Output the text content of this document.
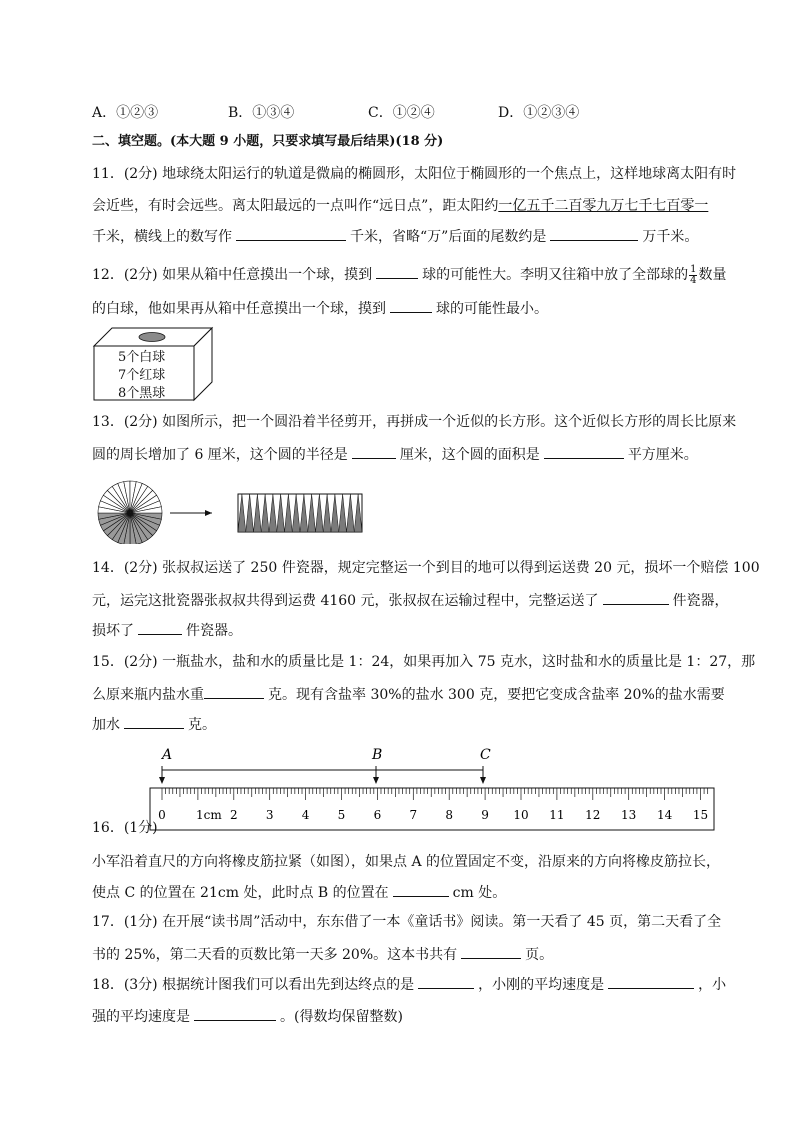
A．①②③	B．①③④	C．①②④	D．①②③④
二、填空题。(本大题 9 小题，只要求填写最后结果)(18 分)
11．(2分) 地球绕太阳运行的轨道是微扁的椭圆形，太阳位于椭圆形的一个焦点上，这样地球离太阳有时
会近些，有时会远些。离太阳最远的一点叫作“远日点”，距太阳约一亿五千二百零九万七千七百零一
千米，横线上的数写作	千米，省略“万”后面的尾数约是	万千米。
12．(2分) 如果从箱中任意摸出一个球，摸到	球的可能性大。李明又往箱中放了全部球的 $\frac{1}{4}$ 数量
的白球，他如果再从箱中任意摸出一个球，摸到	球的可能性最小。
5个白球
7个红球
8个黑球
13．(2分) 如图所示，把一个圆沿着半径剪开，再拼成一个近似的长方形。这个近似长方形的周长比原来
圆的周长增加了 6 厘米，这个圆的半径是	厘米，这个圆的面积是	平方厘米。
14．(2分) 张叔叔运送了 250 件瓷器，规定完整运一个到目的地可以得到运送费 20 元，损坏一个赔偿 100
元，运完这批瓷器张叔叔共得到运费 4160 元，张叔叔在运输过程中，完整运送了	件瓷器，
损坏了	件瓷器。
15．(2分) 一瓶盐水，盐和水的质量比是 1：24，如果再加入 75 克水，这时盐和水的质量比是 1：27，那
么原来瓶内盐水重	克。现有含盐率 30%的盐水 300 克，要把它变成含盐率 20%的盐水需要
加水	克。
A	B	C
0	2 3 4 5 6 7 8 9 10 11 12 13 14 15
1cm
16．(1分)
小军沿着直尺的方向将橡皮筋拉紧（如图），如果点 A 的位置固定不变，沿原来的方向将橡皮筋拉长，
使点 C 的位置在 21cm 处，此时点 B 的位置在	cm 处。
17．(1分) 在开展“读书周”活动中，东东借了一本《童话书》阅读。第一天看了 45 页，第二天看了全
书的 25%，第二天看的页数比第一天多 20%。这本书共有	页。
18．(3分) 根据统计图我们可以看出先到达终点的是	，小刚的平均速度是	，小
强的平均速度是	。(得数均保留整数)
